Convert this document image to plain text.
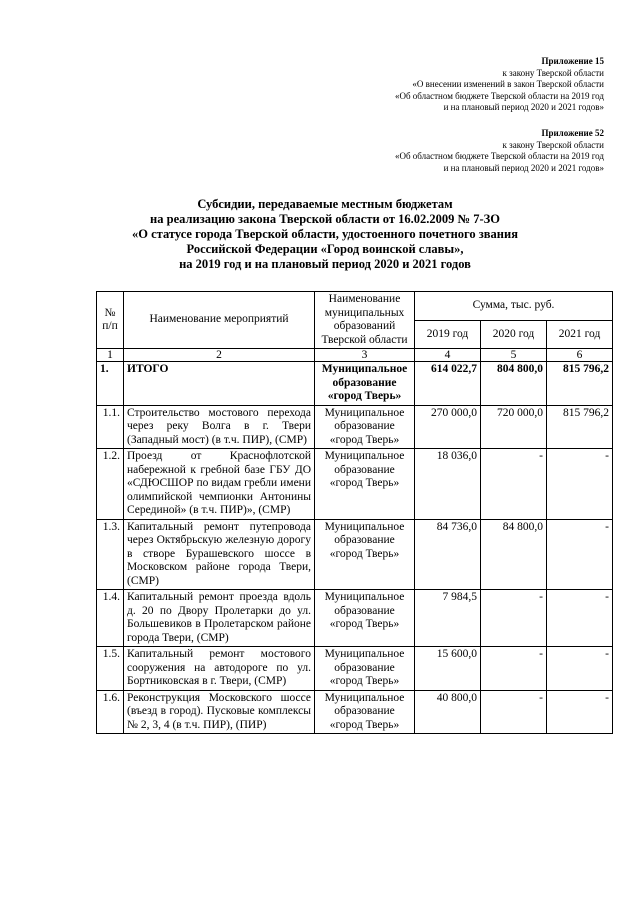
Приложение 15
к закону Тверской области
«О внесении изменений в закон Тверской области
«Об областном бюджете Тверской области на 2019 год
и на плановый период 2020 и 2021 годов»
Приложение 52
к закону Тверской области
«Об областном бюджете Тверской области на 2019 год
и на плановый период 2020 и 2021 годов»
Субсидии, передаваемые местным бюджетам
на реализацию закона Тверской области от 16.02.2009 № 7-ЗО
«О статусе города Тверской области, удостоенного почетного звания
Российской Федерации «Город воинской славы»,
на 2019 год и на плановый период 2020 и 2021 годов
№ п/п	Наименование мероприятий	Наименование муниципальных образований Тверской области	Сумма, тыс. руб.		
			2019 год	2020 год	2021 год
1	2	3	4	5	6
1.	ИТОГО	Муниципальное образование «город Тверь»	614 022,7	804 800,0	815 796,2
1.1.	Строительство мостового перехода через реку Волга в г. Твери (Западный мост) (в т.ч. ПИР), (СМР)	Муниципальное образование «город Тверь»	270 000,0	720 000,0	815 796,2
1.2.	Проезд от Краснофлотской набережной к гребной базе ГБУ ДО «СДЮСШОР по видам гребли имени олимпийской чемпионки Антонины Серединой» (в т.ч. ПИР)», (СМР)	Муниципальное образование «город Тверь»	18 036,0	-	-
1.3.	Капитальный ремонт путепровода через Октябрьскую железную дорогу в створе Бурашевского шоссе в Московском районе города Твери, (СМР)	Муниципальное образование «город Тверь»	84 736,0	84 800,0	-
1.4.	Капитальный ремонт проезда вдоль д. 20 по Двору Пролетарки до ул. Большевиков в Пролетарском районе города Твери, (СМР)	Муниципальное образование «город Тверь»	7 984,5	-	-
1.5.	Капитальный ремонт мостового сооружения на автодороге по ул. Бортниковская в г. Твери, (СМР)	Муниципальное образование «город Тверь»	15 600,0	-	-
1.6.	Реконструкция Московского шоссе (въезд в город). Пусковые комплексы № 2, 3, 4 (в т.ч. ПИР), (ПИР)	Муниципальное образование «город Тверь»	40 800,0	-	-
